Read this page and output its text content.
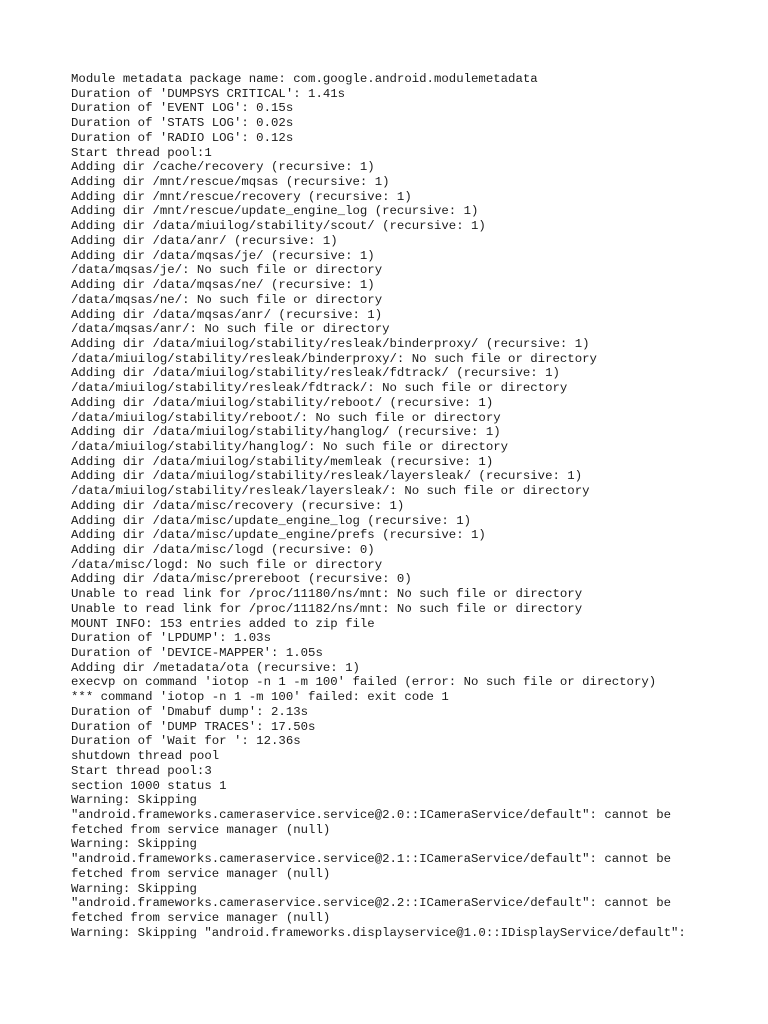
Module metadata package name: com.google.android.modulemetadata
Duration of 'DUMPSYS CRITICAL': 1.41s
Duration of 'EVENT LOG': 0.15s
Duration of 'STATS LOG': 0.02s
Duration of 'RADIO LOG': 0.12s
Start thread pool:1
Adding dir /cache/recovery (recursive: 1)
Adding dir /mnt/rescue/mqsas (recursive: 1)
Adding dir /mnt/rescue/recovery (recursive: 1)
Adding dir /mnt/rescue/update_engine_log (recursive: 1)
Adding dir /data/miuilog/stability/scout/ (recursive: 1)
Adding dir /data/anr/ (recursive: 1)
Adding dir /data/mqsas/je/ (recursive: 1)
/data/mqsas/je/: No such file or directory
Adding dir /data/mqsas/ne/ (recursive: 1)
/data/mqsas/ne/: No such file or directory
Adding dir /data/mqsas/anr/ (recursive: 1)
/data/mqsas/anr/: No such file or directory
Adding dir /data/miuilog/stability/resleak/binderproxy/ (recursive: 1)
/data/miuilog/stability/resleak/binderproxy/: No such file or directory
Adding dir /data/miuilog/stability/resleak/fdtrack/ (recursive: 1)
/data/miuilog/stability/resleak/fdtrack/: No such file or directory
Adding dir /data/miuilog/stability/reboot/ (recursive: 1)
/data/miuilog/stability/reboot/: No such file or directory
Adding dir /data/miuilog/stability/hanglog/ (recursive: 1)
/data/miuilog/stability/hanglog/: No such file or directory
Adding dir /data/miuilog/stability/memleak (recursive: 1)
Adding dir /data/miuilog/stability/resleak/layersleak/ (recursive: 1)
/data/miuilog/stability/resleak/layersleak/: No such file or directory
Adding dir /data/misc/recovery (recursive: 1)
Adding dir /data/misc/update_engine_log (recursive: 1)
Adding dir /data/misc/update_engine/prefs (recursive: 1)
Adding dir /data/misc/logd (recursive: 0)
/data/misc/logd: No such file or directory
Adding dir /data/misc/prereboot (recursive: 0)
Unable to read link for /proc/11180/ns/mnt: No such file or directory
Unable to read link for /proc/11182/ns/mnt: No such file or directory
MOUNT INFO: 153 entries added to zip file
Duration of 'LPDUMP': 1.03s
Duration of 'DEVICE-MAPPER': 1.05s
Adding dir /metadata/ota (recursive: 1)
execvp on command 'iotop -n 1 -m 100' failed (error: No such file or directory)
*** command 'iotop -n 1 -m 100' failed: exit code 1
Duration of 'Dmabuf dump': 2.13s
Duration of 'DUMP TRACES': 17.50s
Duration of 'Wait for ': 12.36s
shutdown thread pool
Start thread pool:3
section 1000 status 1
Warning: Skipping
"android.frameworks.cameraservice.service@2.0::ICameraService/default": cannot be
fetched from service manager (null)
Warning: Skipping
"android.frameworks.cameraservice.service@2.1::ICameraService/default": cannot be
fetched from service manager (null)
Warning: Skipping
"android.frameworks.cameraservice.service@2.2::ICameraService/default": cannot be
fetched from service manager (null)
Warning: Skipping "android.frameworks.displayservice@1.0::IDisplayService/default":
